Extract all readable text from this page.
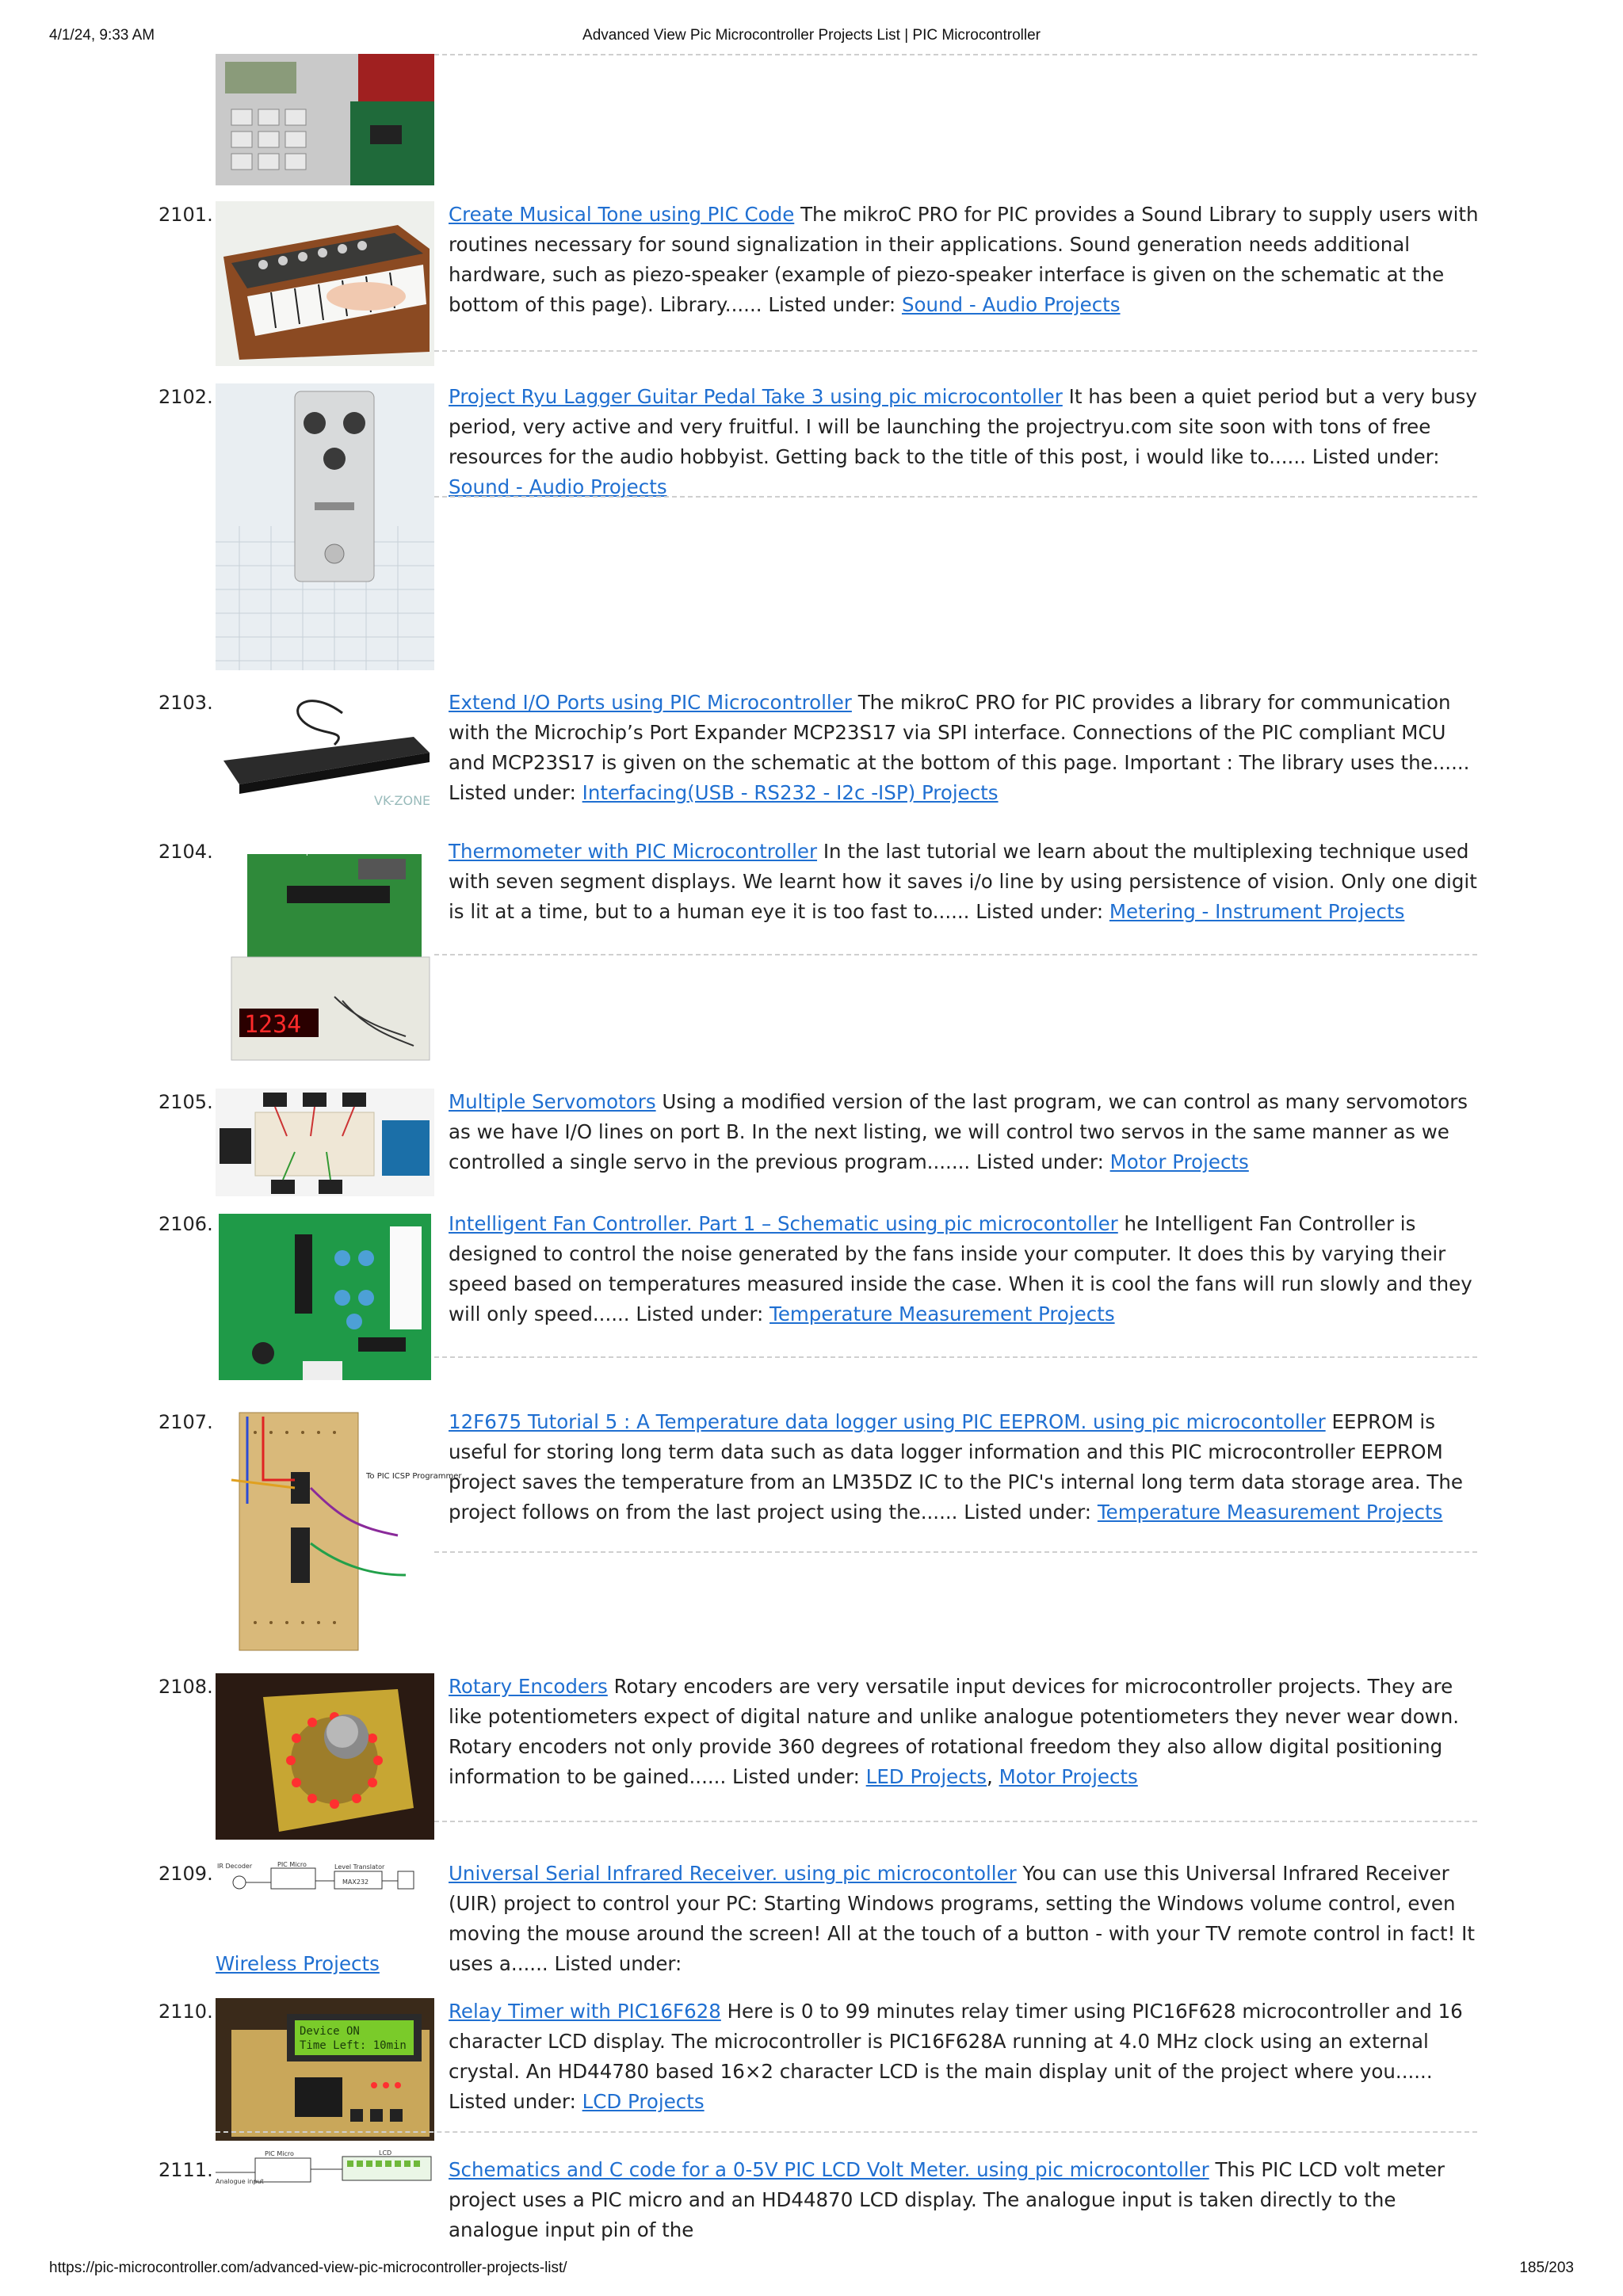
4/1/24, 9:33 AM	Advanced View Pic Microcontroller Projects List | PIC Microcontroller
2101.	Create Musical Tone using PIC Code The mikroC PRO for PIC provides a Sound Library to supply users with routines necessary for sound signalization in their applications. Sound generation needs additional hardware, such as piezo-speaker (example of piezo-speaker interface is given on the schematic at the bottom of this page). Library...... Listed under: Sound - Audio Projects
2102.	Project Ryu Lagger Guitar Pedal Take 3 using pic microcontoller It has been a quiet period but a very busy period, very active and very fruitful. I will be launching the projectryu.com site soon with tons of free resources for the audio hobbyist. Getting back to the title of this post, i would like to...... Listed under: Sound - Audio Projects
2103.
VK-ZONE
Extend I/O Ports using PIC Microcontroller The mikroC PRO for PIC provides a library for communication with the Microchip’s Port Expander MCP23S17 via SPI interface. Connections of the PIC compliant MCU and MCP23S17 is given on the schematic at the bottom of this page. Important : The library uses the...... Listed under: Interfacing(USB - RS232 - I2c -ISP) Projects
2104.	PIC Development Board with Gom MCU Circuit
1234
Thermometer with PIC Microcontroller In the last tutorial we learn about the multiplexing technique used with seven segment displays. We learnt how it saves i/o line by using persistence of vision. Only one digit is lit at a time, but to a human eye it is too fast to...... Listed under: Metering - Instrument Projects
2105.	Multiple Servomotors Using a modified version of the last program, we can control as many servomotors as we have I/O lines on port B. In the next listing, we will control two servos in the same manner as we controlled a single servo in the previous program....... Listed under: Motor Projects
2106.	Intelligent Fan Controller. Part 1 – Schematic using pic microcontoller he Intelligent Fan Controller is designed to control the noise generated by the fans inside your computer. It does this by varying their speed based on temperatures measured inside the case. When it is cool the fans will run slowly and they will only speed...... Listed under: Temperature Measurement Projects
2107.
To PIC ICSP Programmer
12F675 Tutorial 5 : A Temperature data logger using PIC EEPROM. using pic microcontoller EEPROM is useful for storing long term data such as data logger information and this PIC microcontroller EEPROM project saves the temperature from an LM35DZ IC to the PIC's internal long term data storage area. The project follows on from the last project using the...... Listed under: Temperature Measurement Projects
2108.	Rotary Encoders Rotary encoders are very versatile input devices for microcontroller projects. They are like potentiometers expect of digital nature and unlike analogue potentiometers they never wear down. Rotary encoders not only provide 360 degrees of rotational freedom they also allow digital positioning information to be gained...... Listed under: LED Projects, Motor Projects
2109. IR Decoder	PIC Micro	Level Translator
MAX232	Universal Serial Infrared Receiver. using pic microcontoller You can use this Universal Infrared Receiver (UIR) project to control your PC: Starting Windows programs, setting the Windows volume control, even moving the mouse around the screen! All at the touch of a button - with your TV remote control in fact! It uses a...... Listed under:
Wireless Projects
2110.
Device ON
Time Left: 10min
Relay Timer with PIC16F628 Here is 0 to 99 minutes relay timer using PIC16F628 microcontroller and 16 character LCD display. The microcontroller is PIC16F628A running at 4.0 MHz clock using an external crystal. An HD44780 based 16×2 character LCD is the main display unit of the project where you...... Listed under: LCD Projects
2111.
PIC Micro	LCD
Analogue input
Schematics and C code for a 0-5V PIC LCD Volt Meter. using pic microcontoller This PIC LCD volt meter project uses a PIC micro and an HD44870 LCD display. The analogue input is taken directly to the analogue input pin of the
https://pic-microcontroller.com/advanced-view-pic-microcontroller-projects-list/	185/203
